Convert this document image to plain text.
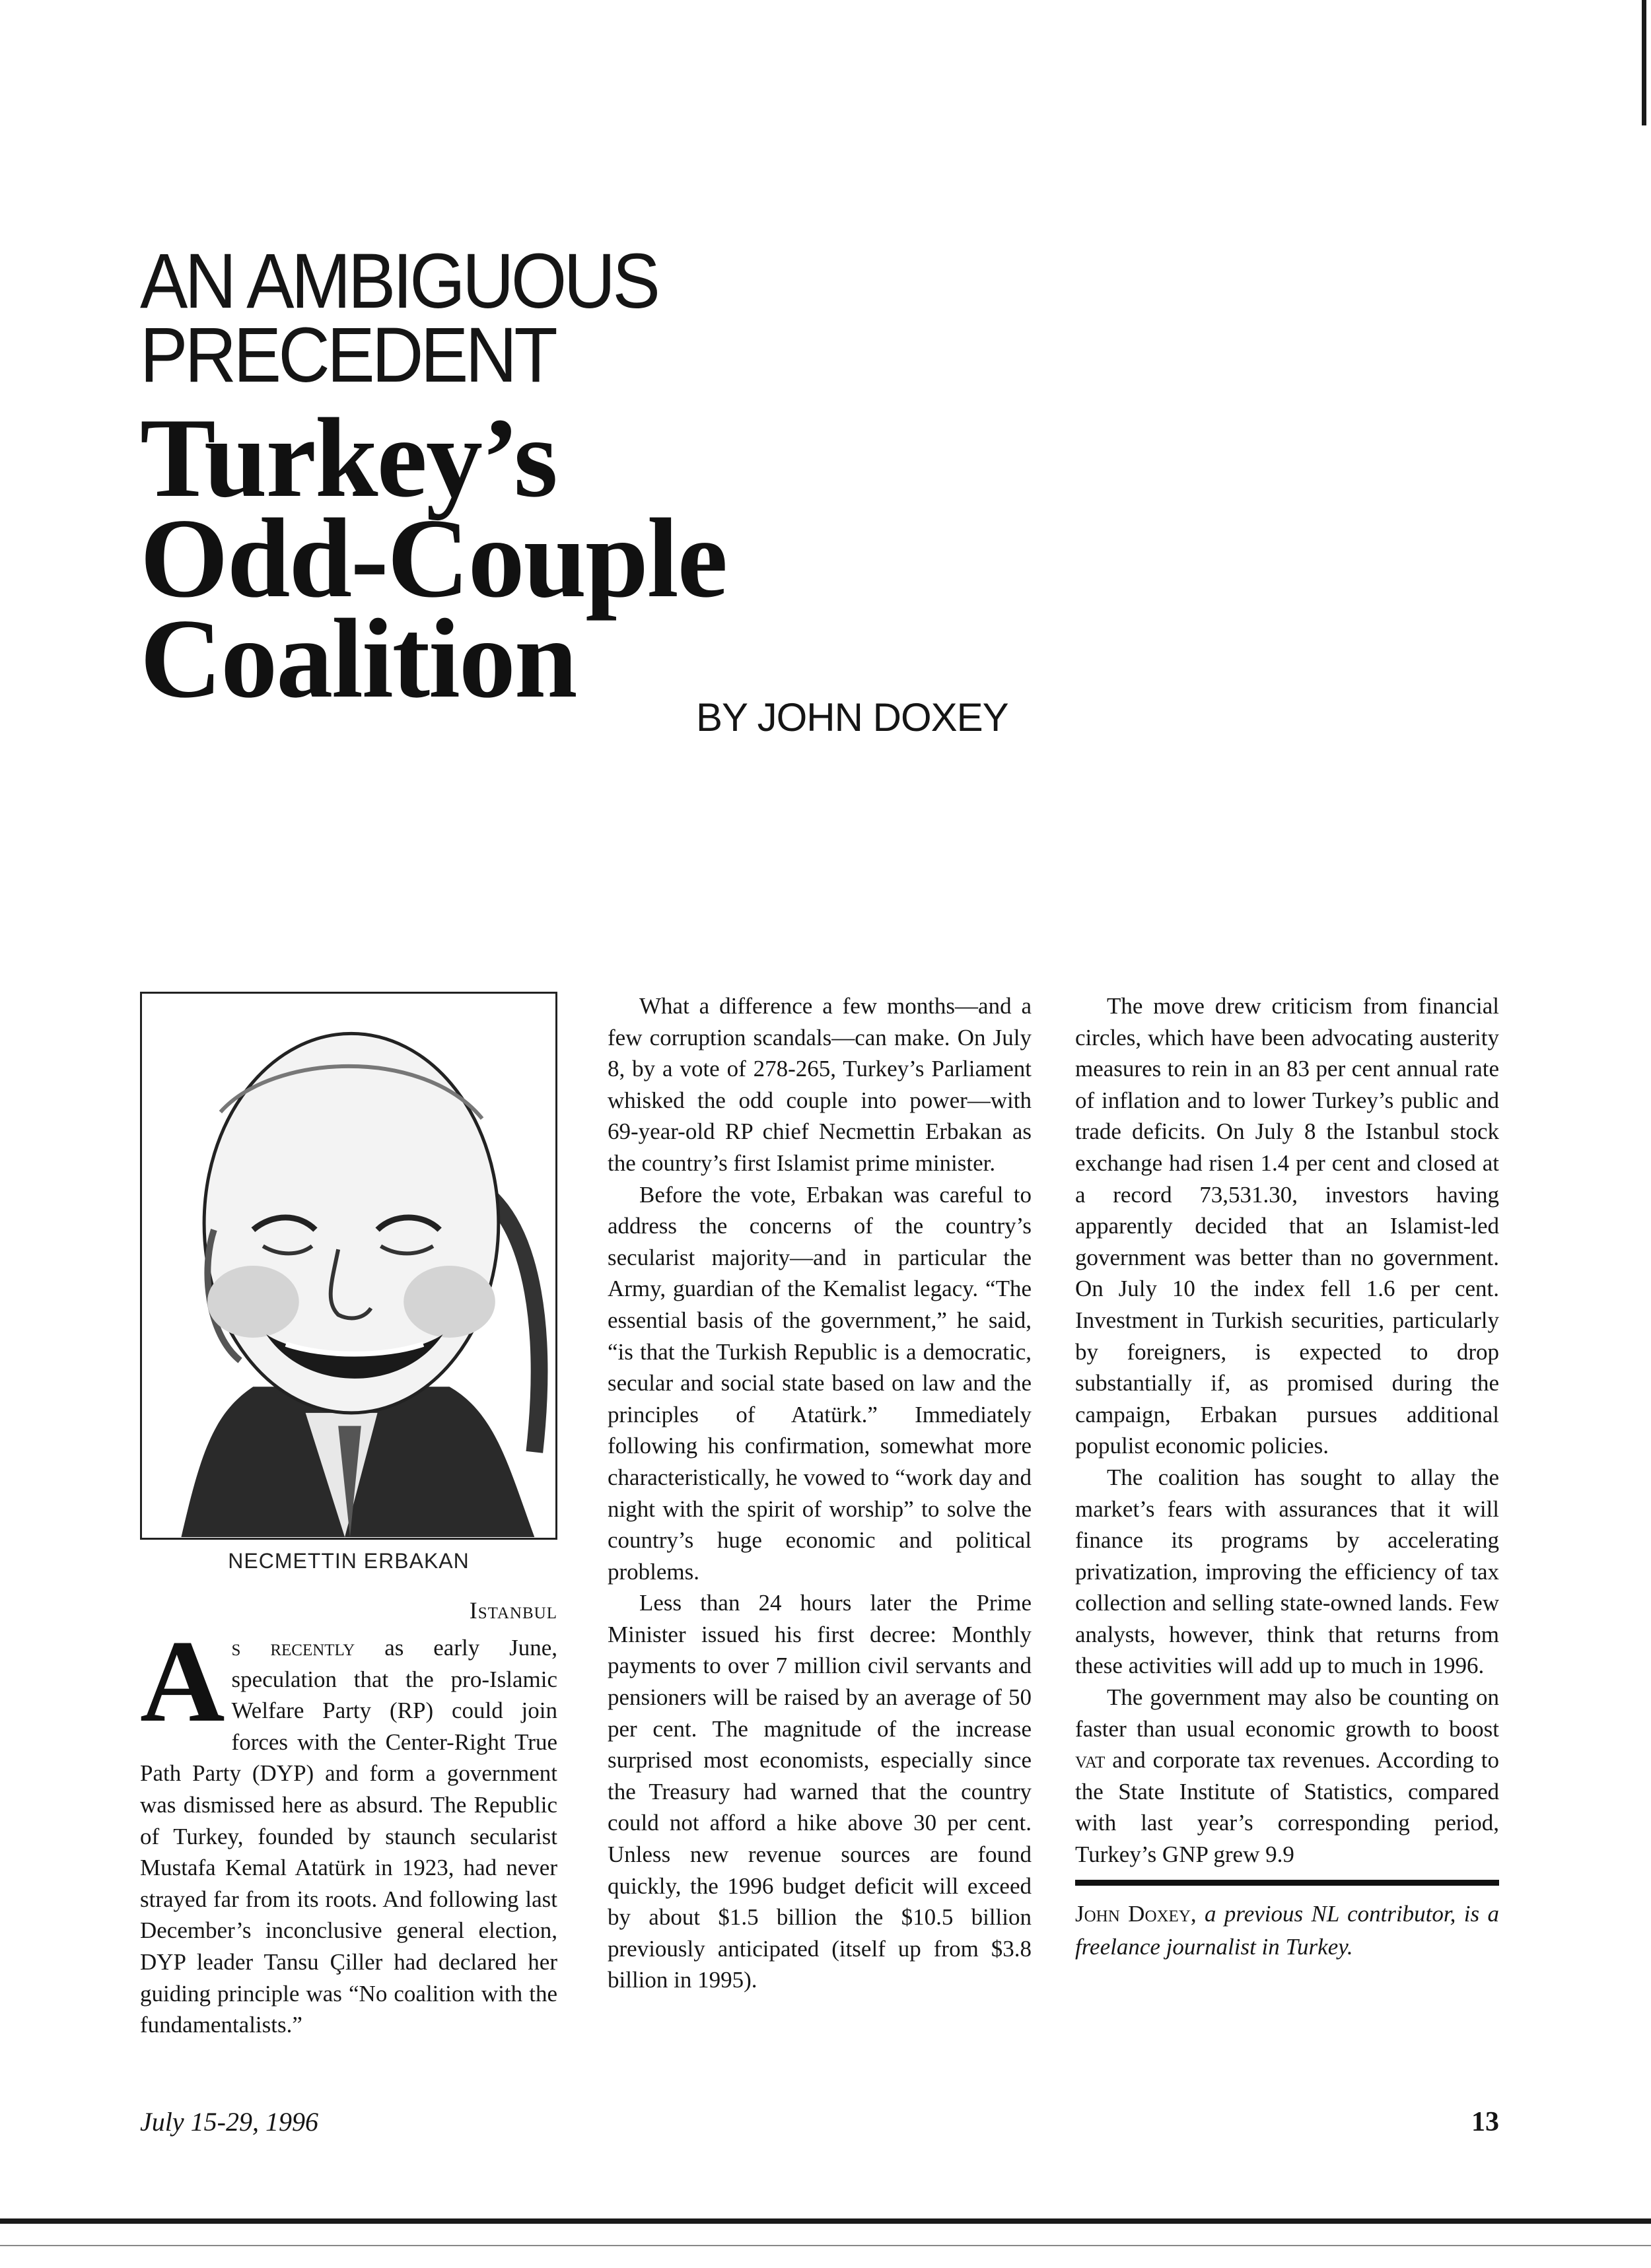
AN AMBIGUOUS
PRECEDENT
Turkey’s
Odd-Couple
Coalition	BY JOHN DOXEY
NECMETTIN ERBAKAN
Istanbul

As recently as early June, speculation that the pro-Islamic Welfare Party (RP) could join forces with the Center-Right True Path Party (DYP) and form a government was dismissed here as absurd. The Republic of Turkey, founded by staunch secularist Mustafa Kemal Atatürk in 1923, had never strayed far from its roots. And following last December’s inconclusive general election, DYP leader Tansu Çiller had declared her guiding principle was “No coalition with the fundamentalists.”

What a difference a few months—and a few corruption scandals—can make. On July 8, by a vote of 278-265, Turkey’s Parliament whisked the odd couple into power—with 69-year-old RP chief Necmettin Erbakan as the country’s first Islamist prime minister.

Before the vote, Erbakan was careful to address the concerns of the country’s secularist majority—and in particular the Army, guardian of the Kemalist legacy. “The essential basis of the government,” he said, “is that the Turkish Republic is a democratic, secular and social state based on law and the principles of Atatürk.” Immediately following his confirmation, somewhat more characteristically, he vowed to “work day and night with the spirit of worship” to solve the country’s huge economic and political problems.

Less than 24 hours later the Prime Minister issued his first decree: Monthly payments to over 7 million civil servants and pensioners will be raised by an average of 50 per cent. The magnitude of the increase surprised most economists, especially since the Treasury had warned that the country could not afford a hike above 30 per cent. Unless new revenue sources are found quickly, the 1996 budget deficit will exceed by about $1.5 billion the $10.5 billion previously anticipated (itself up from $3.8 billion in 1995).

The move drew criticism from financial circles, which have been advocating austerity measures to rein in an 83 per cent annual rate of inflation and to lower Turkey’s public and trade deficits. On July 8 the Istanbul stock exchange had risen 1.4 per cent and closed at a record 73,531.30, investors having apparently decided that an Islamist-led government was better than no government. On July 10 the index fell 1.6 per cent. Investment in Turkish securities, particularly by foreigners, is expected to drop substantially if, as promised during the campaign, Erbakan pursues additional populist economic policies.

The coalition has sought to allay the market’s fears with assurances that it will finance its programs by accelerating privatization, improving the efficiency of tax collection and selling state-owned lands. Few analysts, however, think that returns from these activities will add up to much in 1996.

The government may also be counting on faster than usual economic growth to boost vat and corporate tax revenues. According to the State Institute of Statistics, compared with last year’s corresponding period, Turkey’s GNP grew 9.9

John Doxey, a previous NL contributor, is a freelance journalist in Turkey.

July 15-29, 1996	13
